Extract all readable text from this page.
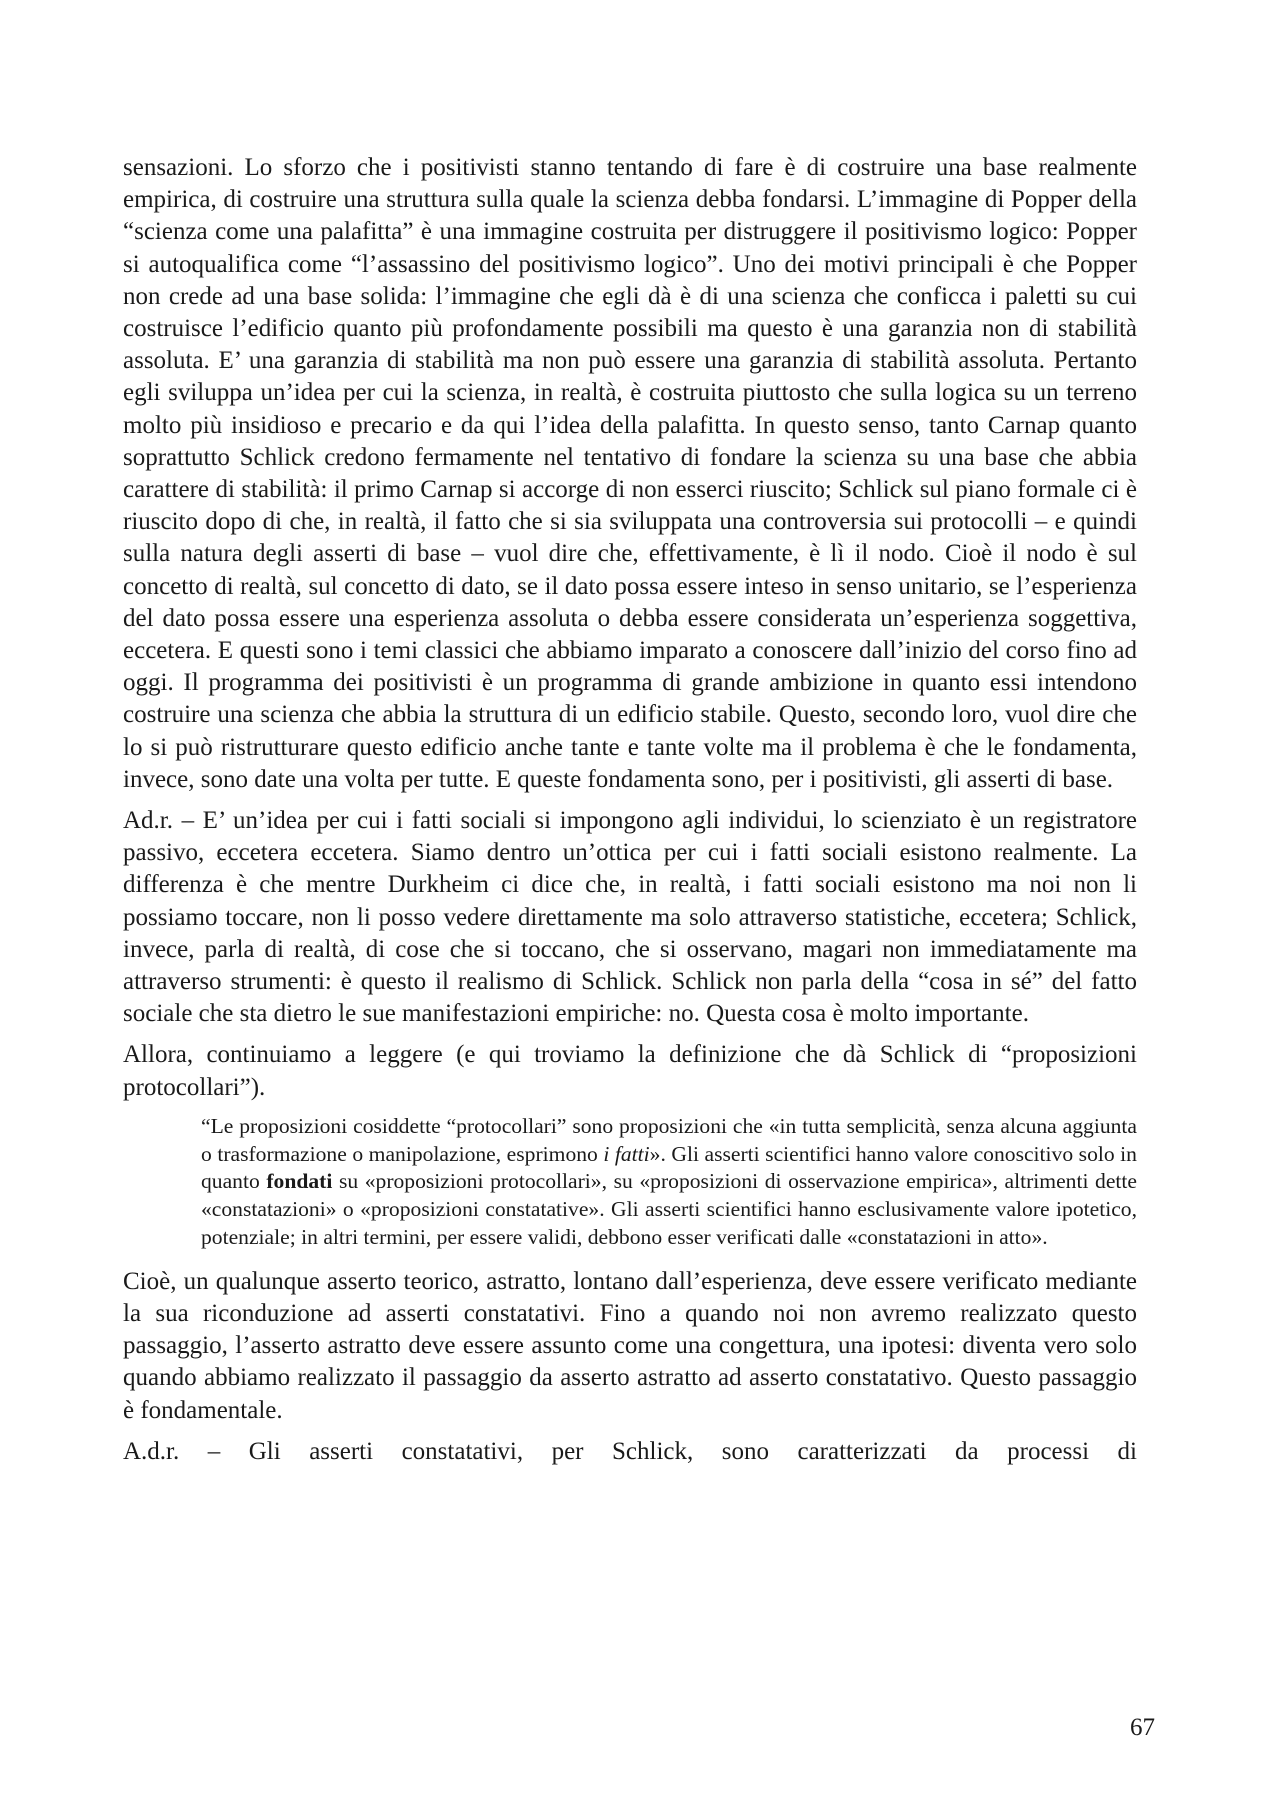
sensazioni. Lo sforzo che i positivisti stanno tentando di fare è di costruire una base realmente empirica, di costruire una struttura sulla quale la scienza debba fondarsi. L’immagine di Popper della “scienza come una palafitta” è una immagine costruita per distruggere il positivismo logico: Popper si autoqualifica come “l’assassino del positivismo logico”. Uno dei motivi principali è che Popper non crede ad una base solida: l’immagine che egli dà è di una scienza che conficca i paletti su cui costruisce l’edificio quanto più profondamente possibili ma questo è una garanzia non di stabilità assoluta. E’ una garanzia di stabilità ma non può essere una garanzia di stabilità assoluta. Pertanto egli sviluppa un’idea per cui la scienza, in realtà, è costruita piuttosto che sulla logica su un terreno molto più insidioso e precario e da qui l’idea della palafitta. In questo senso, tanto Carnap quanto soprattutto Schlick credono fermamente nel tentativo di fondare la scienza su una base che abbia carattere di stabilità: il primo Carnap si accorge di non esserci riuscito; Schlick sul piano formale ci è riuscito dopo di che, in realtà, il fatto che si sia sviluppata una controversia sui protocolli – e quindi sulla natura degli asserti di base – vuol dire che, effettivamente, è lì il nodo. Cioè il nodo è sul concetto di realtà, sul concetto di dato, se il dato possa essere inteso in senso unitario, se l’esperienza del dato possa essere una esperienza assoluta o debba essere considerata un’esperienza soggettiva, eccetera. E questi sono i temi classici che abbiamo imparato a conoscere dall’inizio del corso fino ad oggi. Il programma dei positivisti è un programma di grande ambizione in quanto essi intendono costruire una scienza che abbia la struttura di un edificio stabile. Questo, secondo loro, vuol dire che lo si può ristrutturare questo edificio anche tante e tante volte ma il problema è che le fondamenta, invece, sono date una volta per tutte. E queste fondamenta sono, per i positivisti, gli asserti di base.

Ad.r. – E’ un’idea per cui i fatti sociali si impongono agli individui, lo scienziato è un registratore passivo, eccetera eccetera. Siamo dentro un’ottica per cui i fatti sociali esistono realmente. La differenza è che mentre Durkheim ci dice che, in realtà, i fatti sociali esistono ma noi non li possiamo toccare, non li posso vedere direttamente ma solo attraverso statistiche, eccetera; Schlick, invece, parla di realtà, di cose che si toccano, che si osservano, magari non immediatamente ma attraverso strumenti: è questo il realismo di Schlick. Schlick non parla della “cosa in sé” del fatto sociale che sta dietro le sue manifestazioni empiriche: no. Questa cosa è molto importante.

Allora, continuiamo a leggere (e qui troviamo la definizione che dà Schlick di “proposizioni protocollari”).

“Le proposizioni cosiddette “protocollari” sono proposizioni che «in tutta semplicità, senza alcuna aggiunta o trasformazione o manipolazione, esprimono i fatti». Gli asserti scientifici hanno valore conoscitivo solo in quanto fondati su «proposizioni protocollari», su «proposizioni di osservazione empirica», altrimenti dette «constatazioni» o «proposizioni constatative». Gli asserti scientifici hanno esclusivamente valore ipotetico, potenziale; in altri termini, per essere validi, debbono esser verificati dalle «constatazioni in atto».

Cioè, un qualunque asserto teorico, astratto, lontano dall’esperienza, deve essere verificato mediante la sua riconduzione ad asserti constatativi. Fino a quando noi non avremo realizzato questo passaggio, l’asserto astratto deve essere assunto come una congettura, una ipotesi: diventa vero solo quando abbiamo realizzato il passaggio da asserto astratto ad asserto constatativo. Questo passaggio è fondamentale.

A.d.r. – Gli asserti constatativi, per Schlick, sono caratterizzati da processi di

67
